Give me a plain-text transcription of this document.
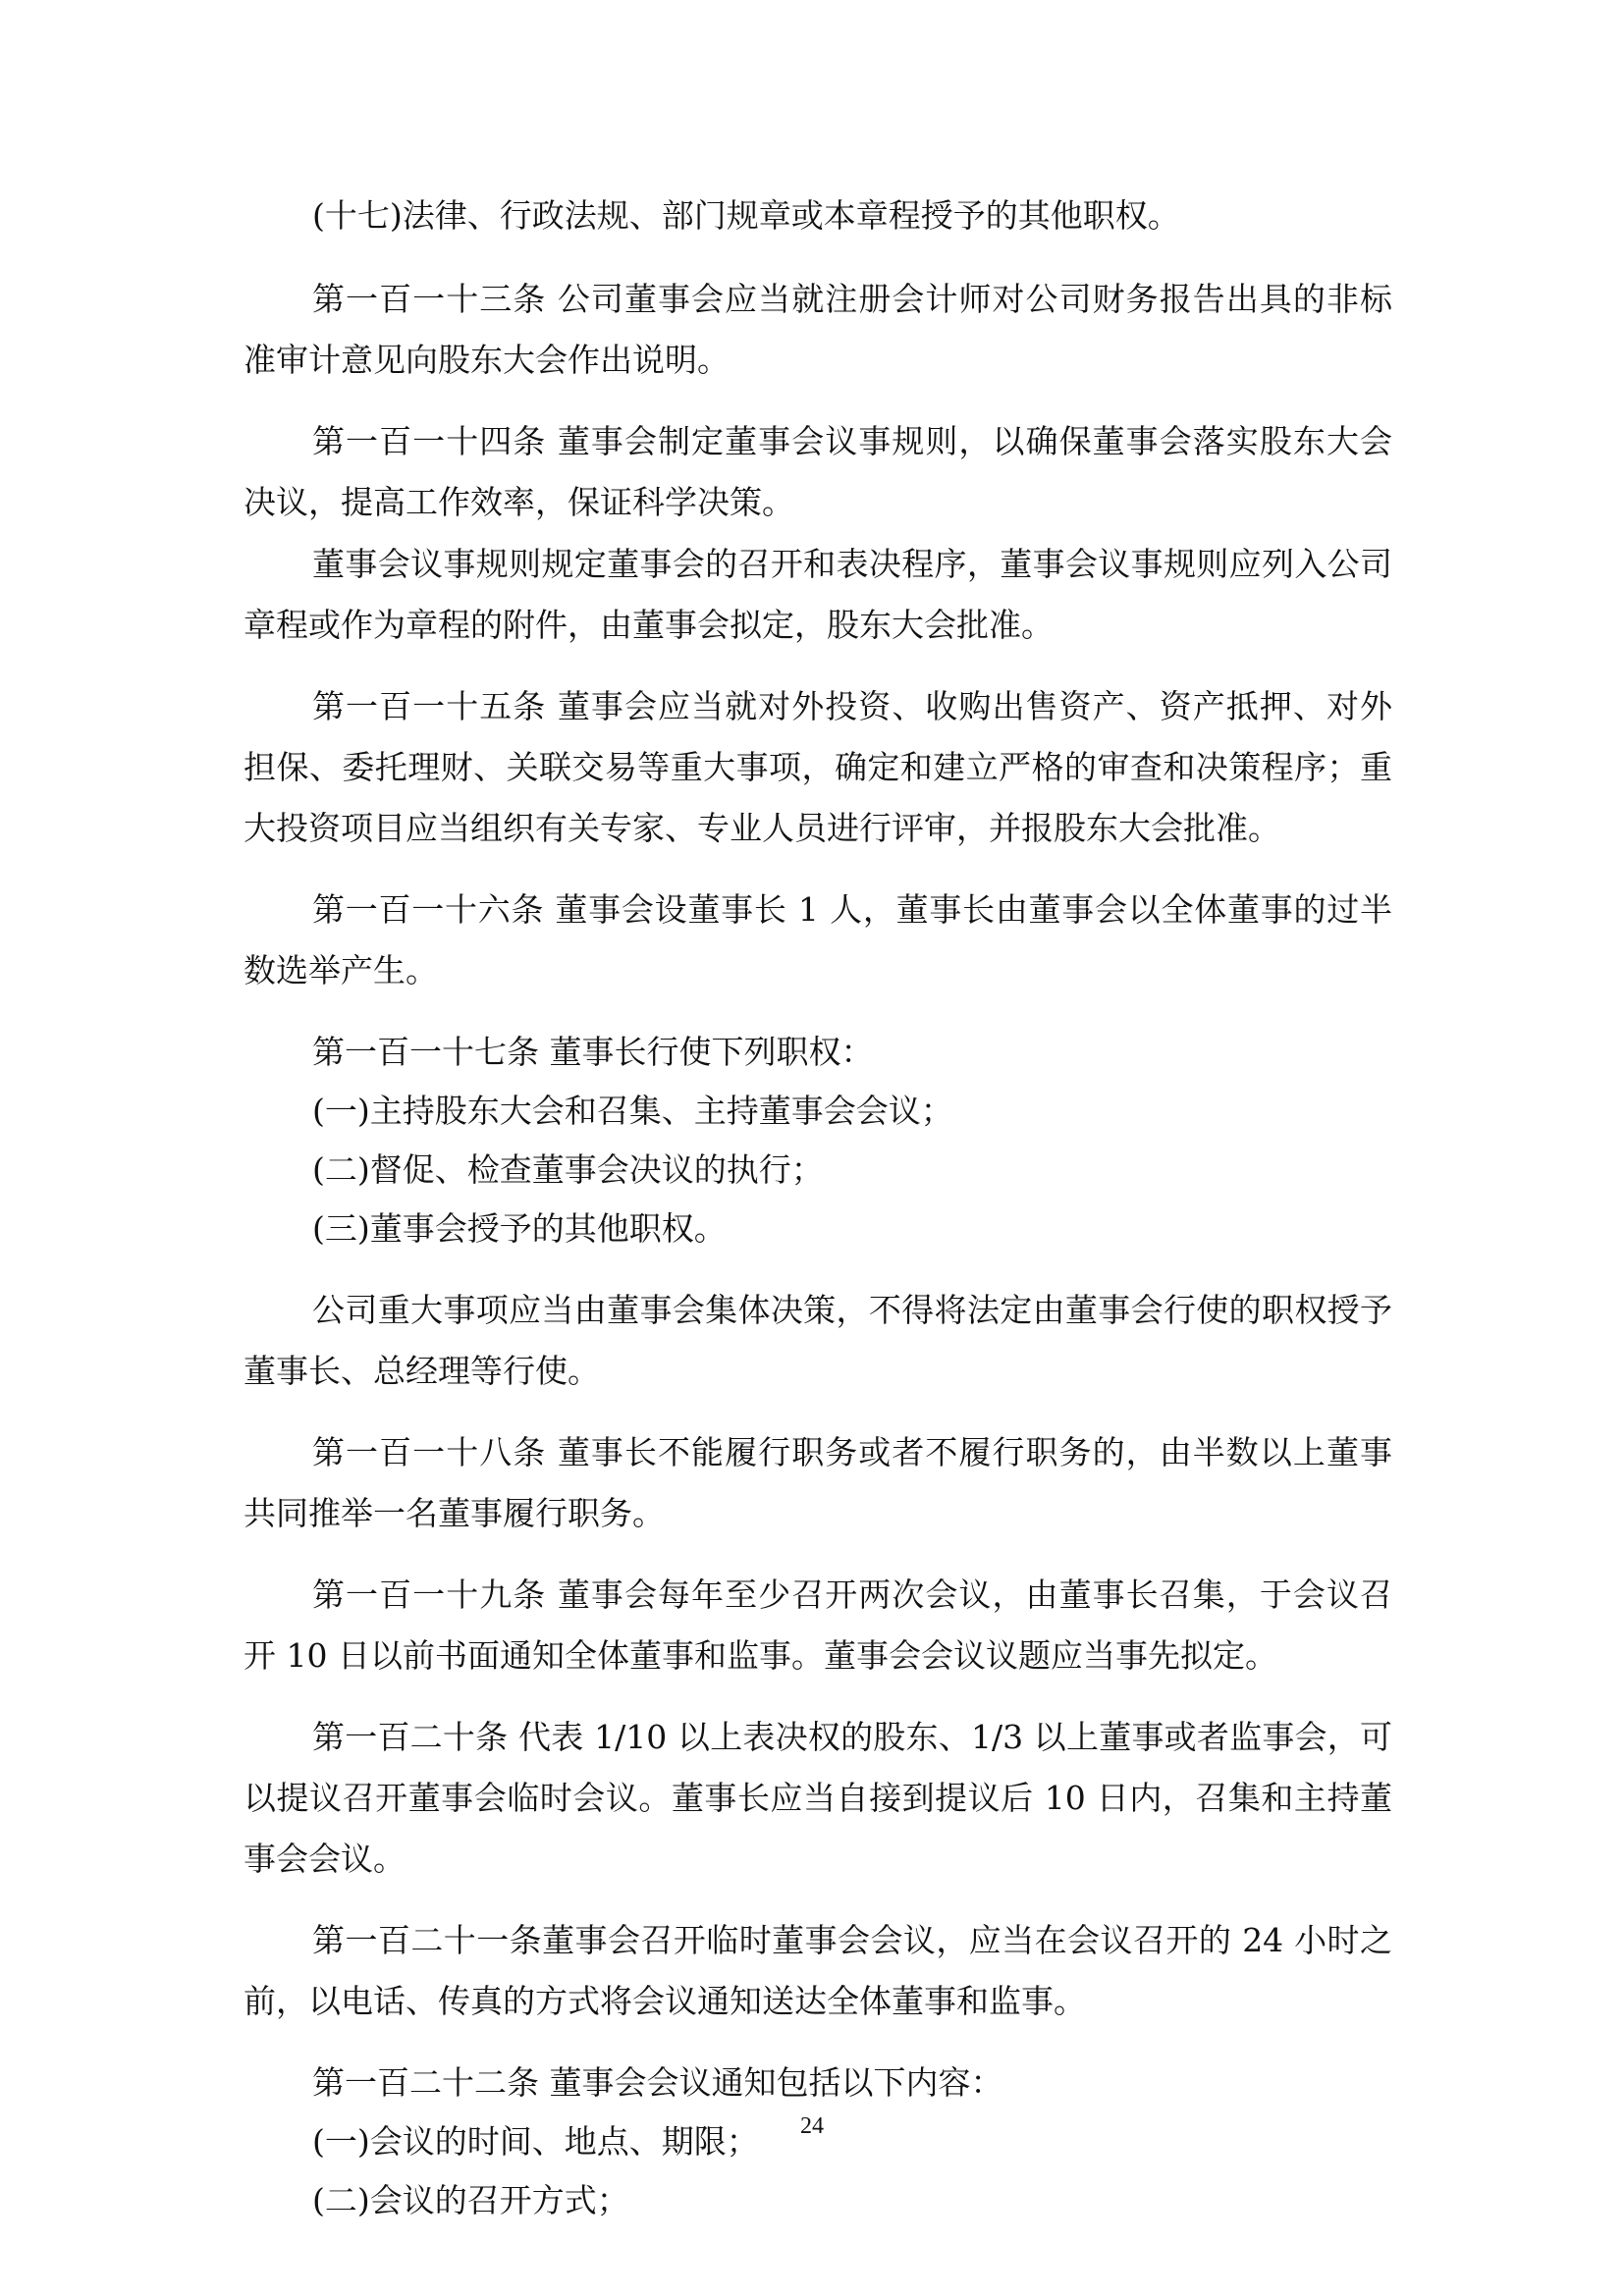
(十七)法律、行政法规、部门规章或本章程授予的其他职权。
第一百一十三条 公司董事会应当就注册会计师对公司财务报告出具的非标
准审计意见向股东大会作出说明。
第一百一十四条 董事会制定董事会议事规则，以确保董事会落实股东大会
决议，提高工作效率，保证科学决策。
董事会议事规则规定董事会的召开和表决程序，董事会议事规则应列入公司
章程或作为章程的附件，由董事会拟定，股东大会批准。
第一百一十五条 董事会应当就对外投资、收购出售资产、资产抵押、对外
担保、委托理财、关联交易等重大事项，确定和建立严格的审查和决策程序；重
大投资项目应当组织有关专家、专业人员进行评审，并报股东大会批准。
第一百一十六条 董事会设董事长 1 人，董事长由董事会以全体董事的过半
数选举产生。
第一百一十七条 董事长行使下列职权：
(一)主持股东大会和召集、主持董事会会议；
(二)督促、检查董事会决议的执行；
(三)董事会授予的其他职权。
公司重大事项应当由董事会集体决策，不得将法定由董事会行使的职权授予
董事长、总经理等行使。
第一百一十八条 董事长不能履行职务或者不履行职务的，由半数以上董事
共同推举一名董事履行职务。
第一百一十九条 董事会每年至少召开两次会议，由董事长召集，于会议召
开 10 日以前书面通知全体董事和监事。董事会会议议题应当事先拟定。
第一百二十条 代表 1/10 以上表决权的股东、1/3 以上董事或者监事会，可
以提议召开董事会临时会议。董事长应当自接到提议后 10 日内，召集和主持董
事会会议。
第一百二十一条董事会召开临时董事会会议，应当在会议召开的 24 小时之
前，以电话、传真的方式将会议通知送达全体董事和监事。
第一百二十二条 董事会会议通知包括以下内容：
(一)会议的时间、地点、期限；
(二)会议的召开方式；
24
